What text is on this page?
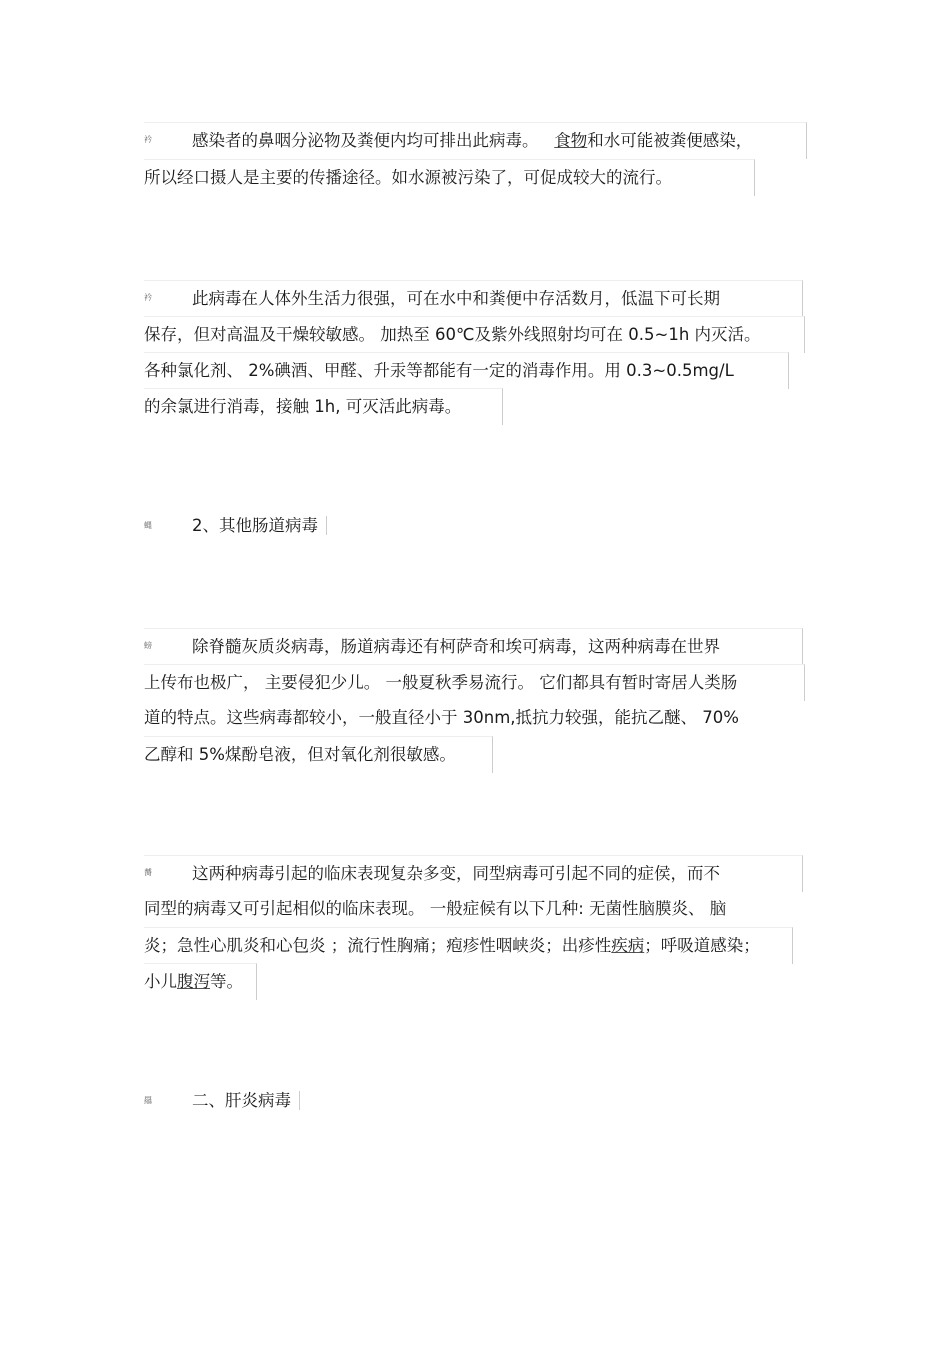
衿	感染者的鼻咽分泌物及粪便内均可排出此病毒。 食物和水可能被粪便感染，
所以经口摄人是主要的传播途径。如水源被污染了，可促成较大的流行。
衿	此病毒在人体外生活力很强，可在水中和粪便中存活数月，低温下可长期
保存，但对高温及干燥较敏感。 加热至 60℃及紫外线照射均可在 0.5~1h 内灭活。
各种氯化剂、 2%碘酒、甲醛、升汞等都能有一定的消毒作用。用 0.3~0.5mg/L
的余氯进行消毒，接触 1h, 可灭活此病毒。
蝿 2、其他肠道病毒
螃	除脊髓灰质炎病毒，肠道病毒还有柯萨奇和埃可病毒，这两种病毒在世界
上传布也极广， 主要侵犯少儿。 一般夏秋季易流行。 它们都具有暂时寄居人类肠
道的特点。这些病毒都较小，一般直径小于 30nm,抵抗力较强，能抗乙醚、 70%
乙醇和 5%煤酚皂液，但对氧化剂很敏感。
膥	这两种病毒引起的临床表现复杂多变，同型病毒可引起不同的症侯，而不
同型的病毒又可引起相似的临床表现。 一般症候有以下几种: 无菌性脑膜炎、 脑
炎；急性心肌炎和心包炎 ；流行性胸痛；疱疹性咽峡炎；出疹性疾病；呼吸道感染；
小儿腹泻等。
羉 二、肝炎病毒
